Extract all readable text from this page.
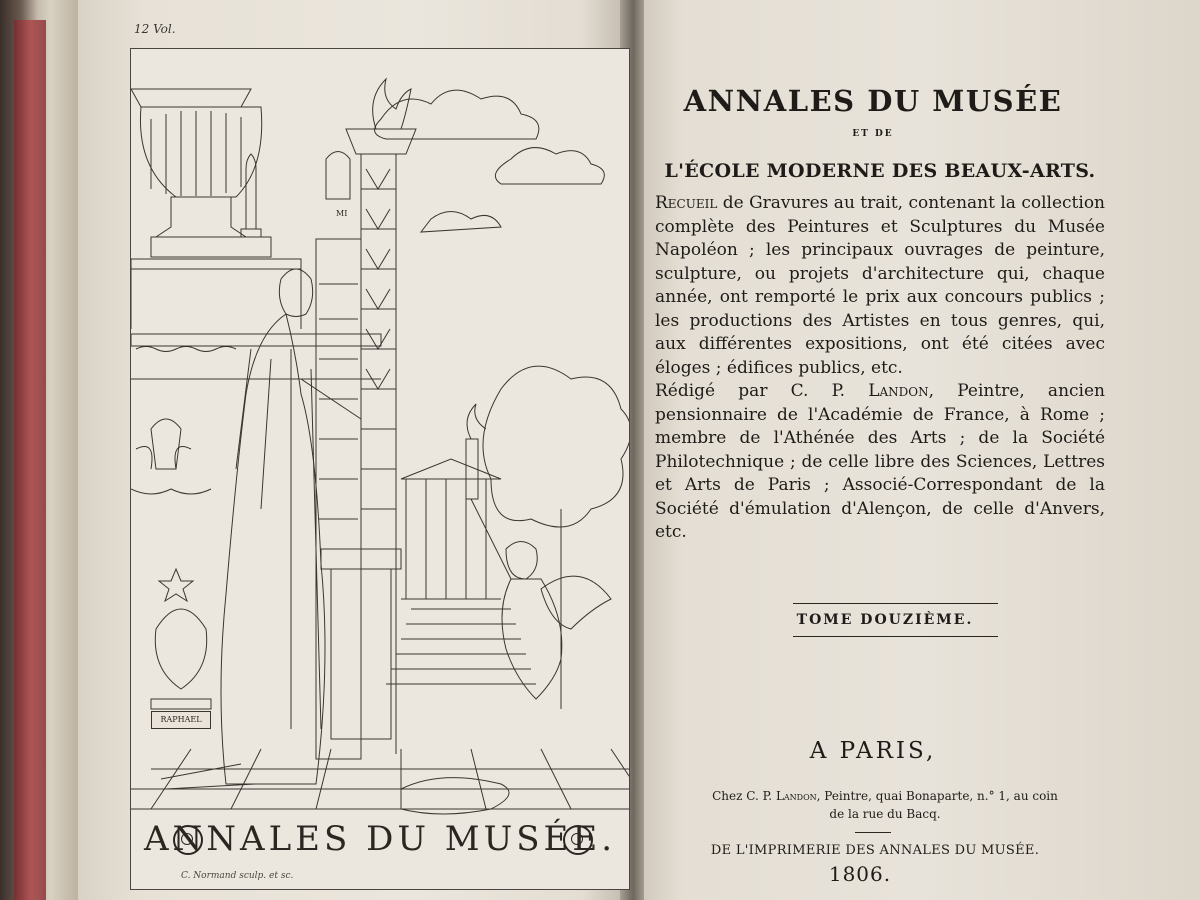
12 Vol.
RAPHAEL
MI
ANNALES DU MUSÉE.
C. Normand sculp. et sc.
ANNALES DU MUSÉE
ET DE
L'ÉCOLE MODERNE DES BEAUX-ARTS.

Recueil de Gravures au trait, contenant la collection complète des Peintures et Sculptures du Musée Napoléon ; les principaux ouvrages de peinture, sculpture, ou projets d'architecture qui, chaque année, ont remporté le prix aux concours publics ; les productions des Artistes en tous genres, qui, aux différentes expositions, ont été citées avec éloges ; édifices publics, etc.

Rédigé par C. P. Landon, Peintre, ancien pensionnaire de l'Académie de France, à Rome ; membre de l'Athénée des Arts ; de la Société Philotechnique ; de celle libre des Sciences, Lettres et Arts de Paris ; Associé-Correspondant de la Société d'émulation d'Alençon, de celle d'Anvers, etc.

TOME DOUZIÈME.
A PARIS,
Chez C. P. Landon, Peintre, quai Bonaparte, n.° 1, au coin
de la rue du Bacq.
DE L'IMPRIMERIE DES ANNALES DU MUSÉE.
1806.
